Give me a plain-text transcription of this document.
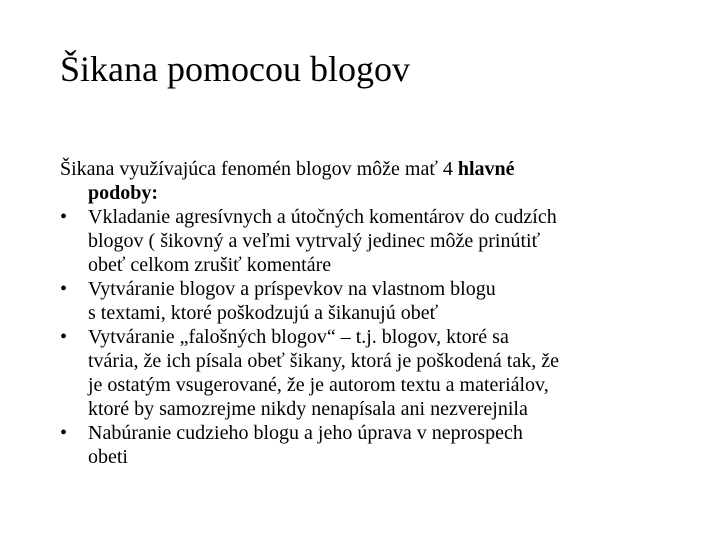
Šikana pomocou blogov

Šikana využívajúca fenomén blogov môže mať 4 hlavné
podoby:

•	Vkladanie agresívnych a útočných komentárov do cudzích
blogov ( šikovný a veľmi vytrvalý jedinec môže prinútiť
obeť celkom zrušiť komentáre
•	Vytváranie blogov a príspevkov na vlastnom blogu
s textami, ktoré poškodzujú a šikanujú obeť
•	Vytváranie „falošných blogov“ – t.j. blogov, ktoré sa
tvária, že ich písala obeť šikany, ktorá je poškodená tak, že
je ostatým vsugerované, že je autorom textu a materiálov,
ktoré by samozrejme nikdy nenapísala ani nezverejnila
•	Nabúranie cudzieho blogu a jeho úprava v neprospech
obeti
